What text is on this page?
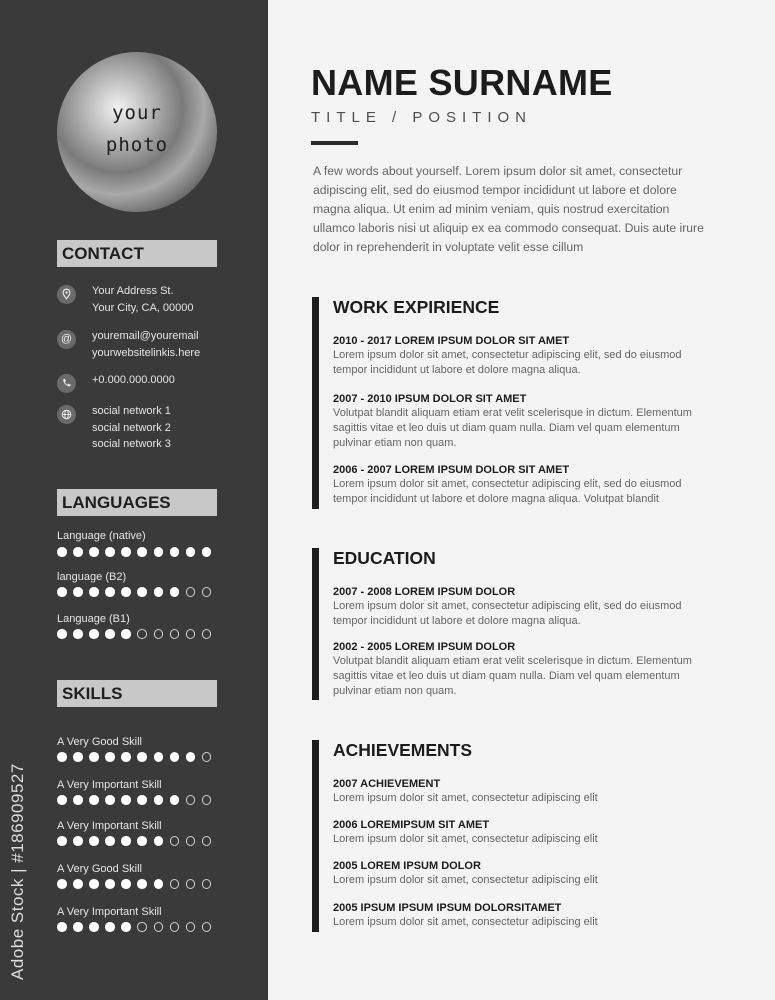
your
photo
CONTACT
Your Address St.
Your City, CA, 00000
@	youremail@youremail
yourwebsitelinkis.here
+0.000.000.0000
social network 1
social network 2
social network 3
LANGUAGES
Language (native)
language (B2)
Language (B1)
SKILLS
A Very Good Skill
A Very Important Skill
A Very Important Skill
A Very Good Skill
A Very Important Skill
Adobe Stock | #186909527
NAME SURNAME
TITLE / POSITION
A few words about yourself. Lorem ipsum dolor sit amet, consectetur adipiscing elit, sed do eiusmod tempor incididunt ut labore et dolore magna aliqua. Ut enim ad minim veniam, quis nostrud exercitation ullamco laboris nisi ut aliquip ex ea commodo consequat. Duis aute irure dolor in reprehenderit in voluptate velit esse cillum
WORK EXPIRIENCE
2010 - 2017 LOREM IPSUM DOLOR SIT AMET
Lorem ipsum dolor sit amet, consectetur adipiscing elit, sed do eiusmod tempor incididunt ut labore et dolore magna aliqua.
2007 - 2010 IPSUM DOLOR SIT AMET
Volutpat blandit aliquam etiam erat velit scelerisque in dictum. Elementum sagittis vitae et leo duis ut diam quam nulla. Diam vel quam elementum pulvinar etiam non quam.
2006 - 2007 LOREM IPSUM DOLOR SIT AMET
Lorem ipsum dolor sit amet, consectetur adipiscing elit, sed do eiusmod tempor incididunt ut labore et dolore magna aliqua. Volutpat blandit
EDUCATION
2007 - 2008 LOREM IPSUM DOLOR
Lorem ipsum dolor sit amet, consectetur adipiscing elit, sed do eiusmod tempor incididunt ut labore et dolore magna aliqua.
2002 - 2005 LOREM IPSUM DOLOR
Volutpat blandit aliquam etiam erat velit scelerisque in dictum. Elementum sagittis vitae et leo duis ut diam quam nulla. Diam vel quam elementum pulvinar etiam non quam.
ACHIEVEMENTS
2007 ACHIEVEMENT
Lorem ipsum dolor sit amet, consectetur adipiscing elit
2006 LOREMIPSUM SIT AMET
Lorem ipsum dolor sit amet, consectetur adipiscing elit
2005 LOREM IPSUM DOLOR
Lorem ipsum dolor sit amet, consectetur adipiscing elit
2005 IPSUM IPSUM IPSUM DOLORSITAMET
Lorem ipsum dolor sit amet, consectetur adipiscing elit
